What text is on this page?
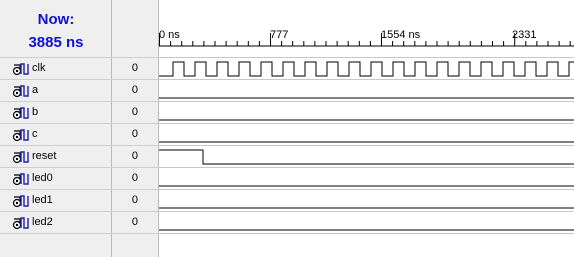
Now:
3885 ns
clk	0
a	0
b	0
c	0
reset	0
led0	0
led1	0
led2	0
0 ns	777	1554 ns	2331
